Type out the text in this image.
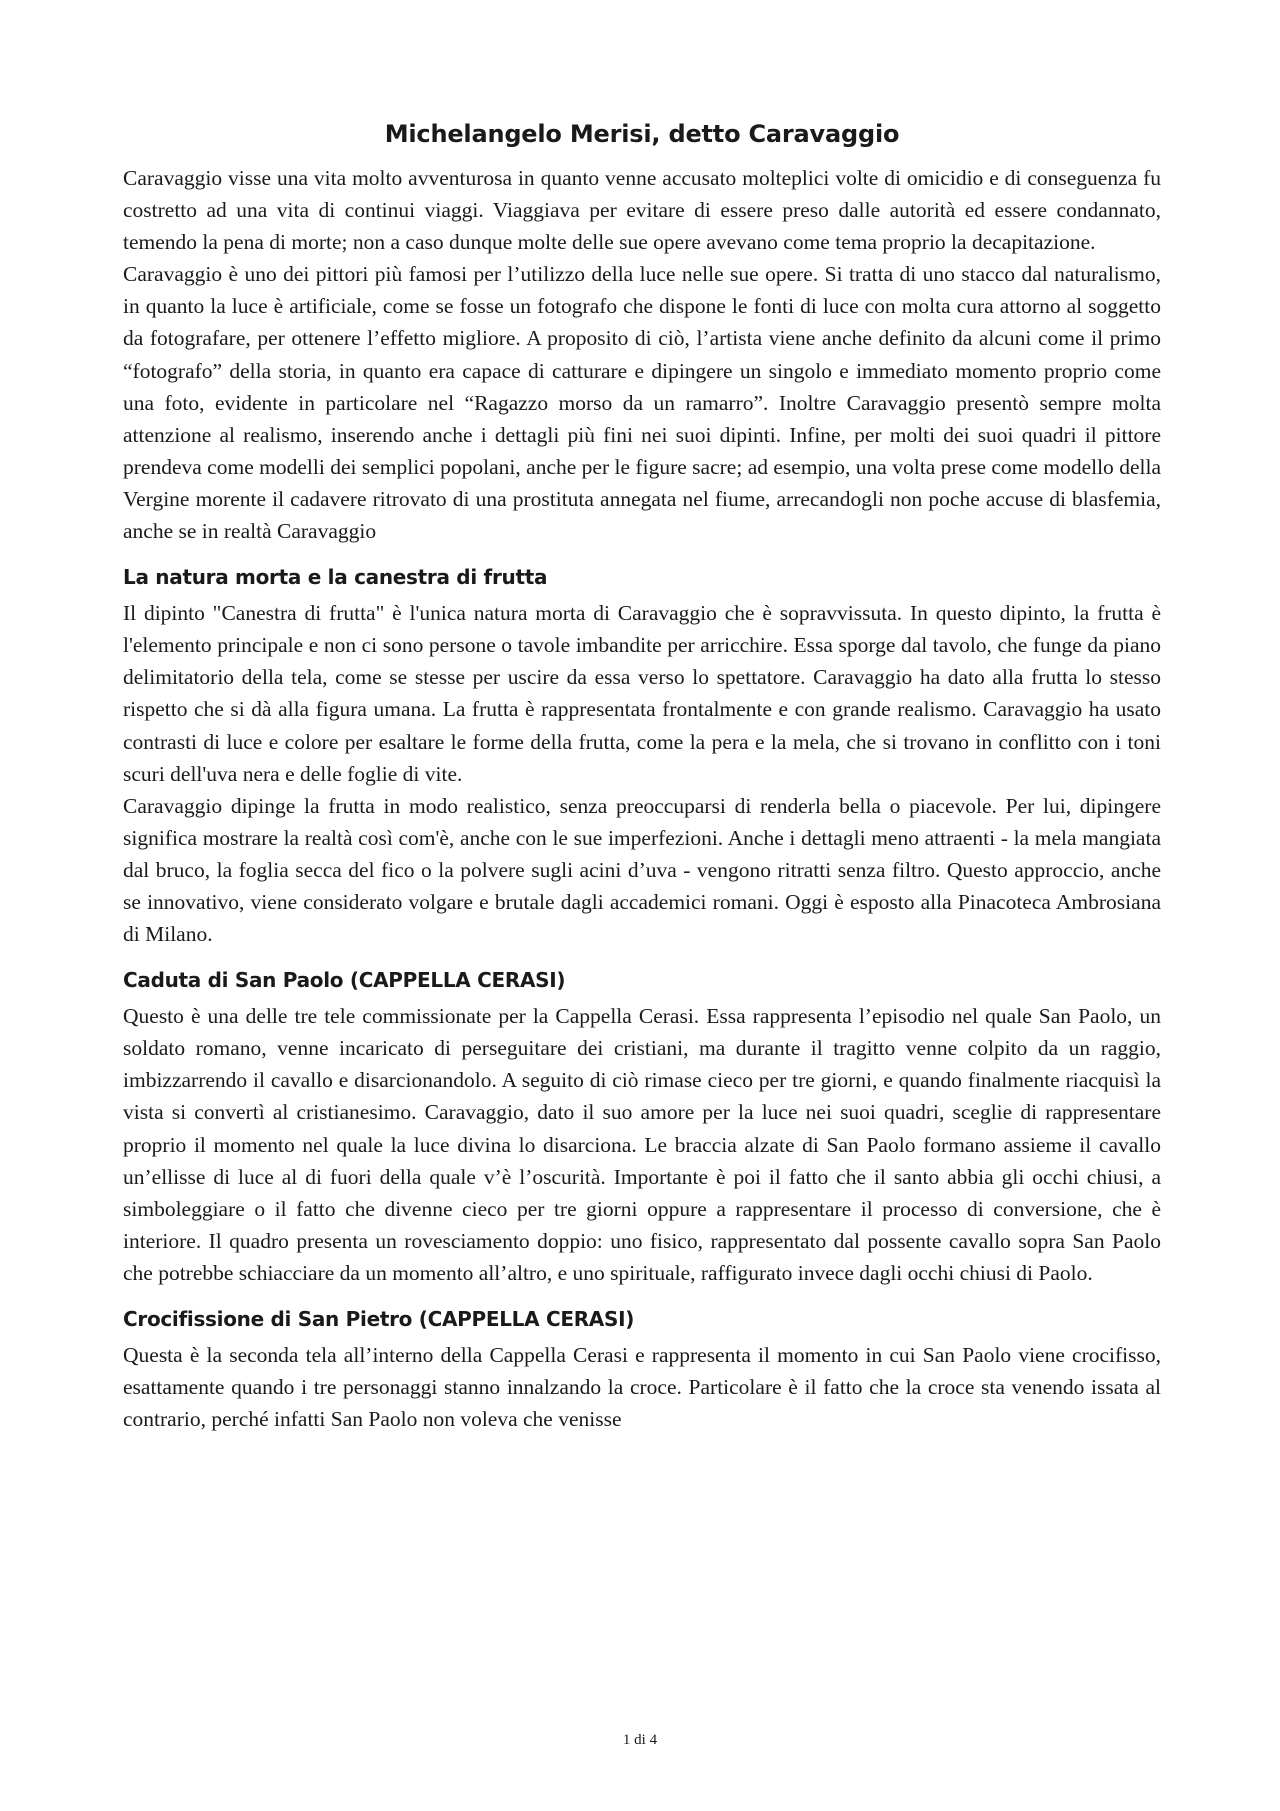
Michelangelo Merisi, detto Caravaggio

Caravaggio visse una vita molto avventurosa in quanto venne accusato molteplici volte di omicidio e di conseguenza fu costretto ad una vita di continui viaggi. Viaggiava per evitare di essere preso dalle autorità ed essere condannato, temendo la pena di morte; non a caso dunque molte delle sue opere avevano come tema proprio la decapitazione.

Caravaggio è uno dei pittori più famosi per l’utilizzo della luce nelle sue opere. Si tratta di uno stacco dal naturalismo, in quanto la luce è artificiale, come se fosse un fotografo che dispone le fonti di luce con molta cura attorno al soggetto da fotografare, per ottenere l’effetto migliore. A proposito di ciò, l’artista viene anche definito da alcuni come il primo “fotografo” della storia, in quanto era capace di catturare e dipingere un singolo e immediato momento proprio come una foto, evidente in particolare nel “Ragazzo morso da un ramarro”. Inoltre Caravaggio presentò sempre molta attenzione al realismo, inserendo anche i dettagli più fini nei suoi dipinti. Infine, per molti dei suoi quadri il pittore prendeva come modelli dei semplici popolani, anche per le figure sacre; ad esempio, una volta prese come modello della Vergine morente il cadavere ritrovato di una prostituta annegata nel fiume, arrecandogli non poche accuse di blasfemia, anche se in realtà Caravaggio

La natura morta e la canestra di frutta

Il dipinto "Canestra di frutta" è l'unica natura morta di Caravaggio che è sopravvissuta. In questo dipinto, la frutta è l'elemento principale e non ci sono persone o tavole imbandite per arricchire. Essa sporge dal tavolo, che funge da piano delimitatorio della tela, come se stesse per uscire da essa verso lo spettatore. Caravaggio ha dato alla frutta lo stesso rispetto che si dà alla figura umana. La frutta è rappresentata frontalmente e con grande realismo. Caravaggio ha usato contrasti di luce e colore per esaltare le forme della frutta, come la pera e la mela, che si trovano in conflitto con i toni scuri dell'uva nera e delle foglie di vite.

Caravaggio dipinge la frutta in modo realistico, senza preoccuparsi di renderla bella o piacevole. Per lui, dipingere significa mostrare la realtà così com'è, anche con le sue imperfezioni. Anche i dettagli meno attraenti - la mela mangiata dal bruco, la foglia secca del fico o la polvere sugli acini d’uva - vengono ritratti senza filtro. Questo approccio, anche se innovativo, viene considerato volgare e brutale dagli accademici romani. Oggi è esposto alla Pinacoteca Ambrosiana di Milano.

Caduta di San Paolo (CAPPELLA CERASI)

Questo è una delle tre tele commissionate per la Cappella Cerasi. Essa rappresenta l’episodio nel quale San Paolo, un soldato romano, venne incaricato di perseguitare dei cristiani, ma durante il tragitto venne colpito da un raggio, imbizzarrendo il cavallo e disarcionandolo. A seguito di ciò rimase cieco per tre giorni, e quando finalmente riacquisì la vista si convertì al cristianesimo. Caravaggio, dato il suo amore per la luce nei suoi quadri, sceglie di rappresentare proprio il momento nel quale la luce divina lo disarciona. Le braccia alzate di San Paolo formano assieme il cavallo un’ellisse di luce al di fuori della quale v’è l’oscurità. Importante è poi il fatto che il santo abbia gli occhi chiusi, a simboleggiare o il fatto che divenne cieco per tre giorni oppure a rappresentare il processo di conversione, che è interiore. Il quadro presenta un rovesciamento doppio: uno fisico, rappresentato dal possente cavallo sopra San Paolo che potrebbe schiacciare da un momento all’altro, e uno spirituale, raffigurato invece dagli occhi chiusi di Paolo.

Crocifissione di San Pietro (CAPPELLA CERASI)

Questa è la seconda tela all’interno della Cappella Cerasi e rappresenta il momento in cui San Paolo viene crocifisso, esattamente quando i tre personaggi stanno innalzando la croce. Particolare è il fatto che la croce sta venendo issata al contrario, perché infatti San Paolo non voleva che venisse

1 di 4
